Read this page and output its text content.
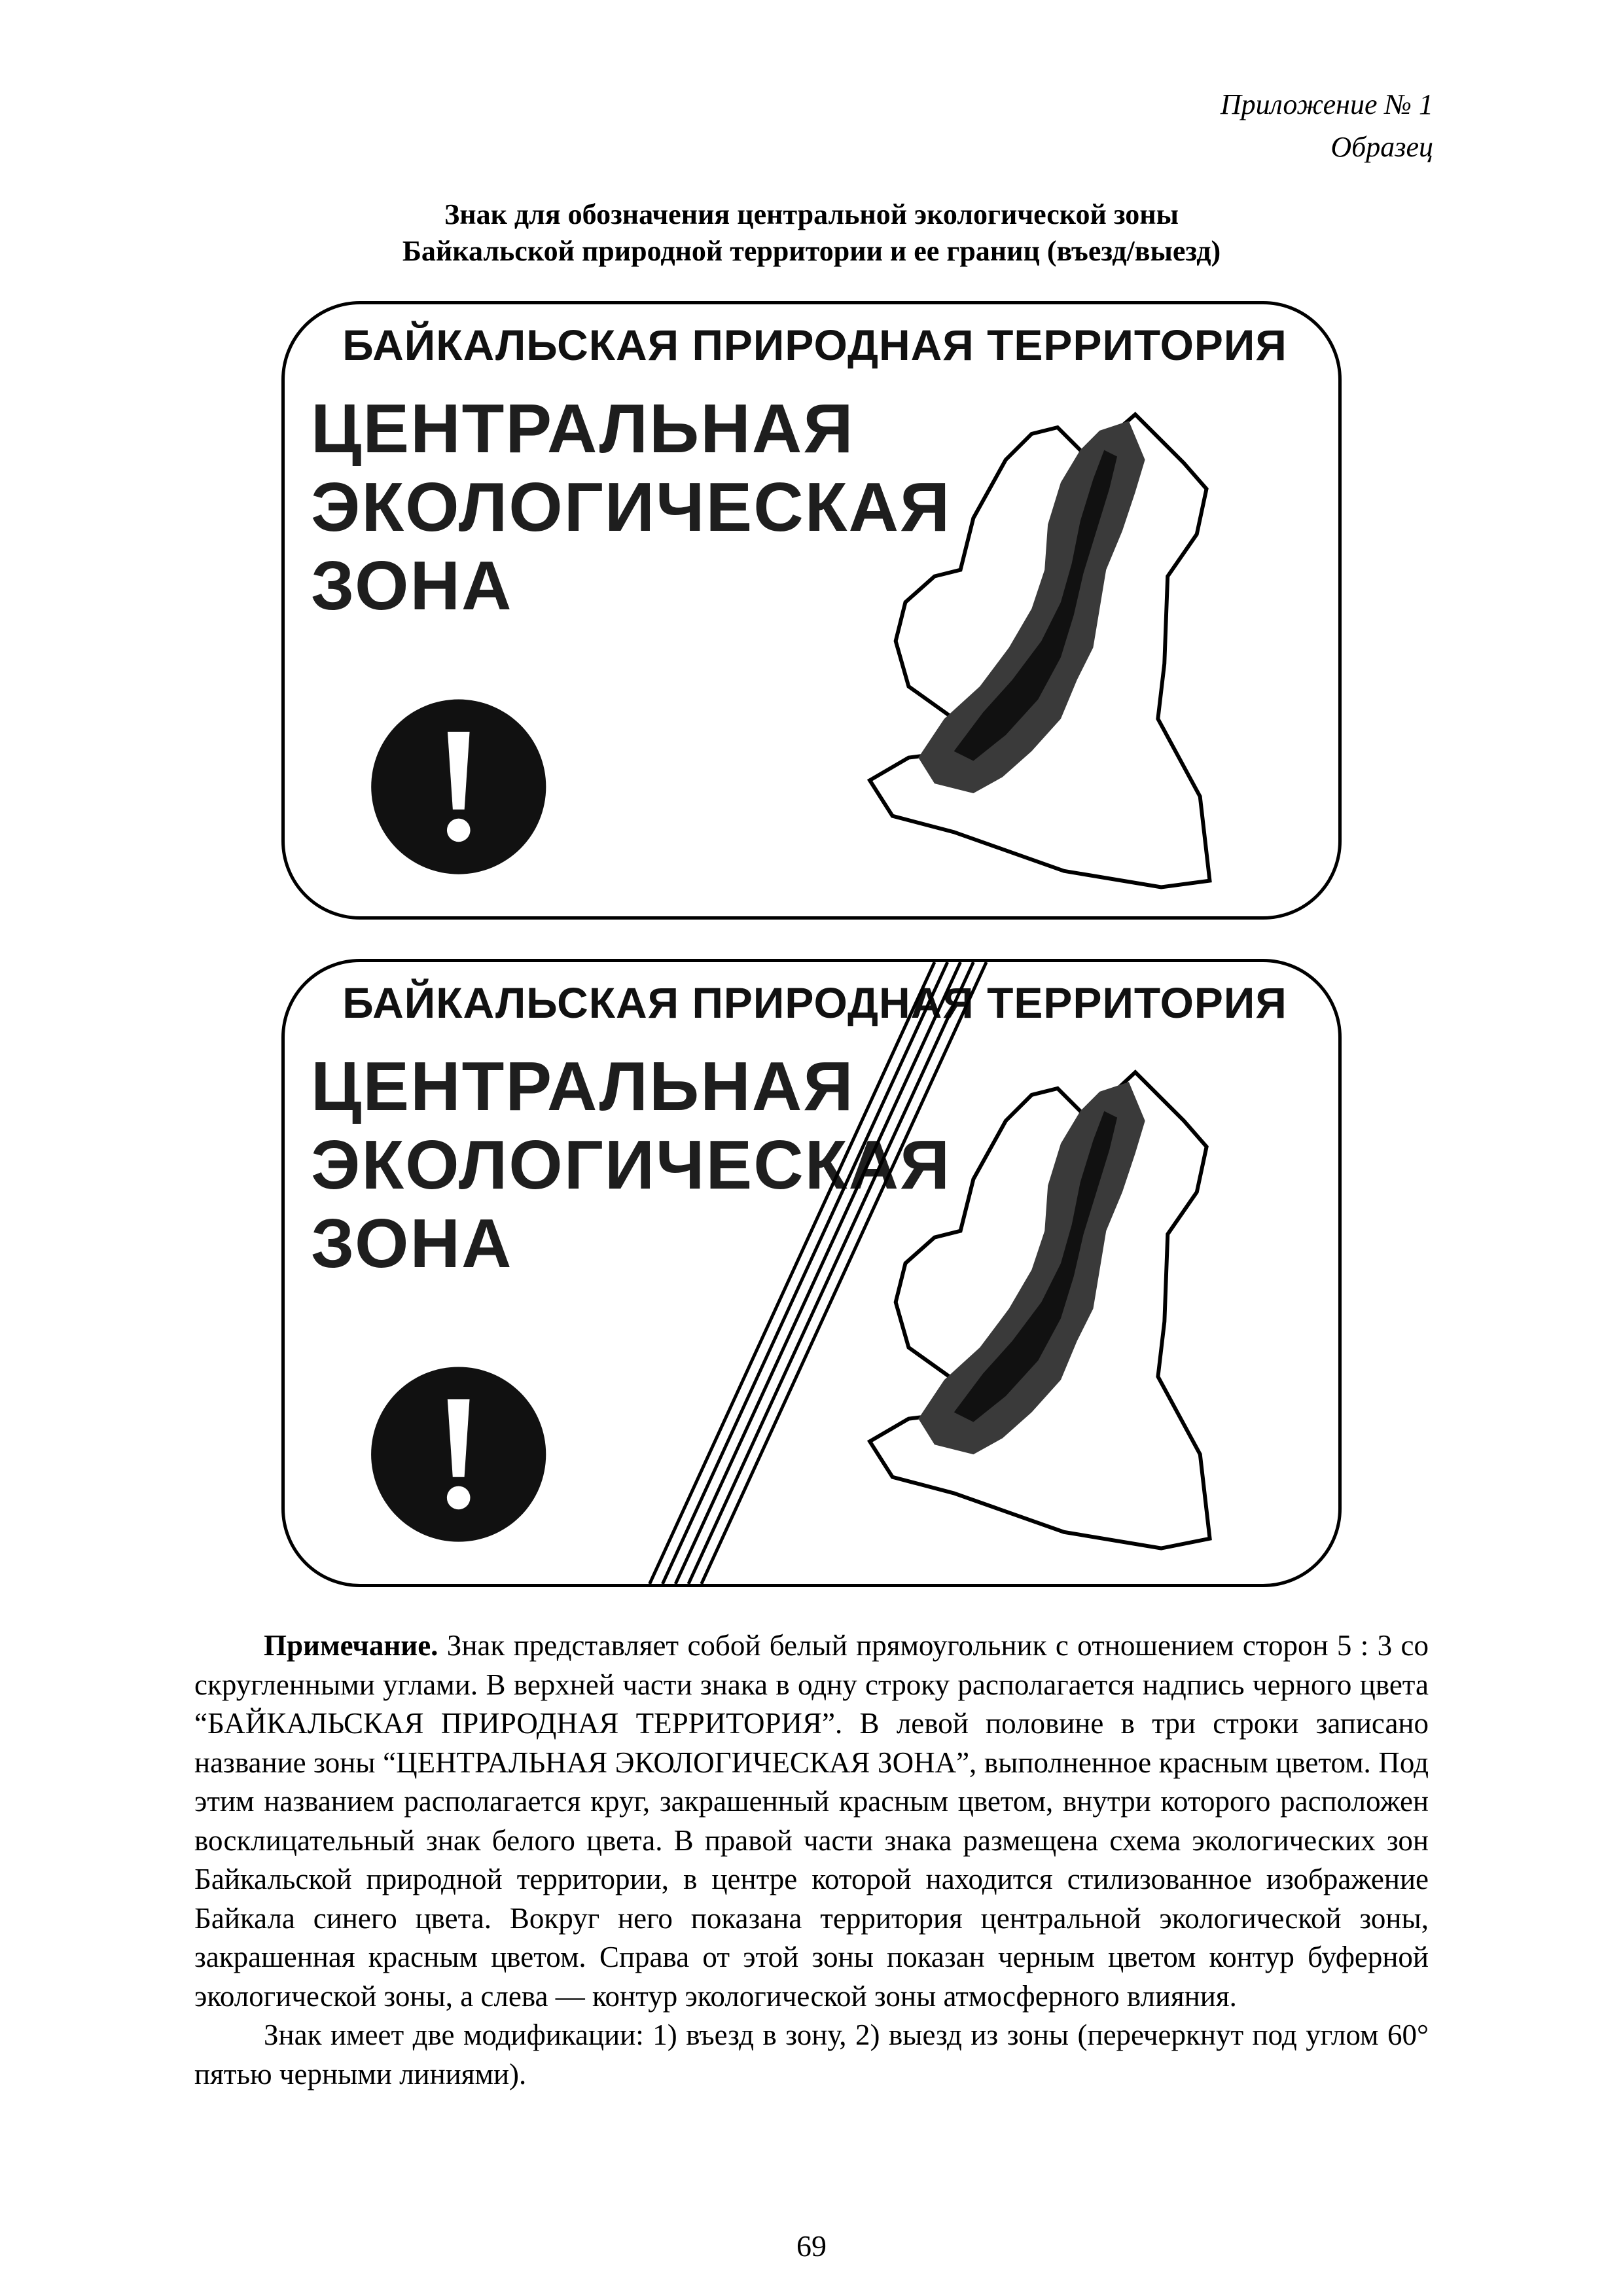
Приложение № 1
Образец
Знак для обозначения центральной экологической зоны
Байкальской природной территории и ее границ (въезд/выезд)
БАЙКАЛЬСКАЯ ПРИРОДНАЯ ТЕРРИТОРИЯ
ЦЕНТРАЛЬНАЯ
ЭКОЛОГИЧЕСКАЯ
ЗОНА
БАЙКАЛЬСКАЯ ПРИРОДНАЯ ТЕРРИТОРИЯ
ЦЕНТРАЛЬНАЯ
ЭКОЛОГИЧЕСКАЯ
ЗОНА

Примечание. Знак представляет собой белый прямоугольник с отношением сторон 5 : 3 со скругленными углами. В верхней части знака в одну строку располагается надпись черного цвета “БАЙКАЛЬСКАЯ ПРИРОДНАЯ ТЕРРИТОРИЯ”. В левой половине в три строки записано название зоны “ЦЕНТРАЛЬНАЯ ЭКОЛОГИЧЕСКАЯ ЗОНА”, выполненное красным цветом. Под этим названием располагается круг, закрашенный красным цветом, внутри которого расположен восклицательный знак белого цвета. В правой части знака размещена схема экологических зон Байкальской природной территории, в центре которой находится стилизованное изображение Байкала синего цвета. Вокруг него показана территория центральной экологической зоны, закрашенная красным цветом. Справа от этой зоны показан черным цветом контур буферной экологической зоны, а слева — контур экологической зоны атмосферного влияния.

Знак имеет две модификации: 1) въезд в зону, 2) выезд из зоны (перечеркнут под углом 60° пятью черными линиями).

69
